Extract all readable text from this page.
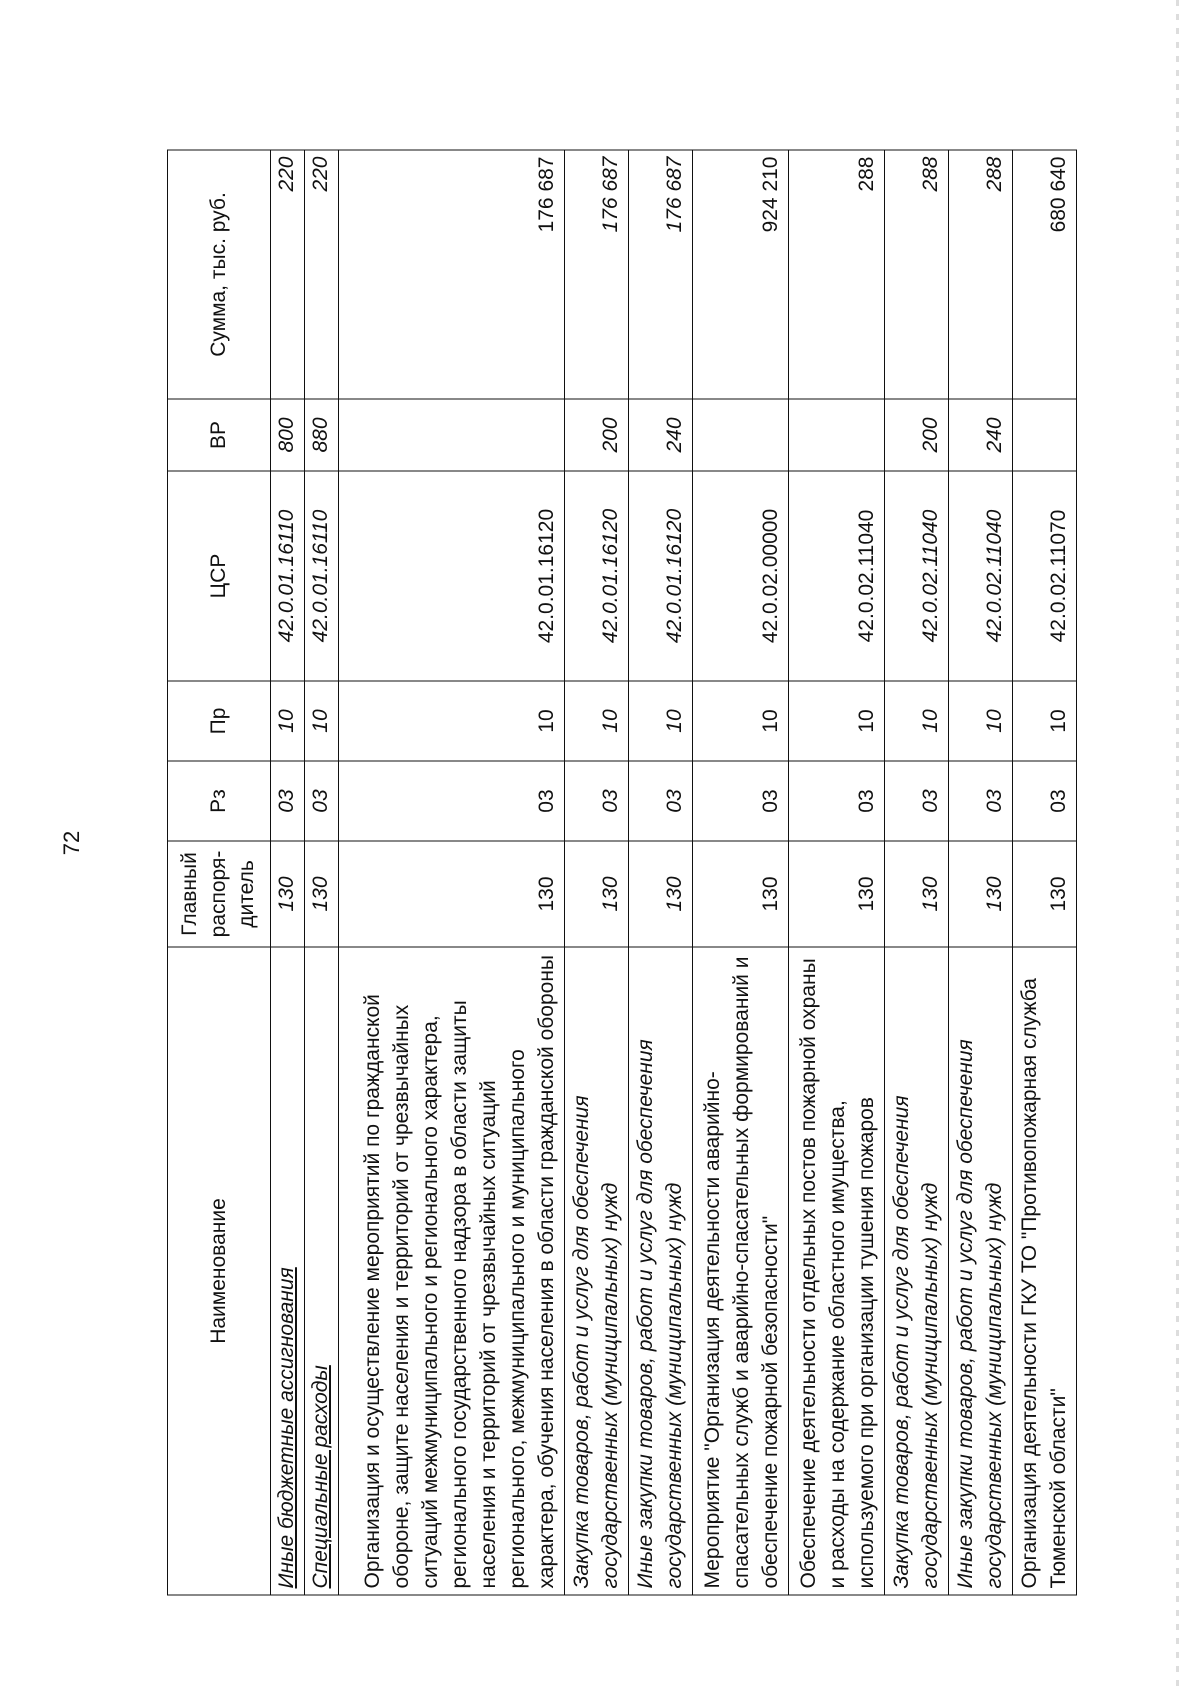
72
Наименование	Главный распоря-дитель	Рз	Пр	ЦСР	ВР	Сумма, тыс. руб.
Иные бюджетные ассигнования	130	03	10	42.0.01.16110	800	220
Специальные расходы	130	03	10	42.0.01.16110	880	220
Организация и осуществление мероприятий по гражданской обороне, защите населения и территорий от чрезвычайных ситуаций межмуниципального и регионального характера, регионального государственного надзора в области защиты населения и территорий от чрезвычайных ситуаций регионального, межмуниципального и муниципального характера, обучения населения в области гражданской обороны	130	03	10	42.0.01.16120		176 687
Закупка товаров, работ и услуг для обеспечения государственных (муниципальных) нужд	130	03	10	42.0.01.16120	200	176 687
Иные закупки товаров, работ и услуг для обеспечения государственных (муниципальных) нужд	130	03	10	42.0.01.16120	240	176 687
Мероприятие "Организация деятельности аварийно-спасательных служб и аварийно-спасательных формирований и обеспечение пожарной безопасности"	130	03	10	42.0.02.00000		924 210
Обеспечение деятельности отдельных постов пожарной охраны и расходы на содержание областного имущества, используемого при организации тушения пожаров	130	03	10	42.0.02.11040		288
Закупка товаров, работ и услуг для обеспечения государственных (муниципальных) нужд	130	03	10	42.0.02.11040	200	288
Иные закупки товаров, работ и услуг для обеспечения государственных (муниципальных) нужд	130	03	10	42.0.02.11040	240	288
Организация деятельности ГКУ ТО "Противопожарная служба Тюменской области"	130	03	10	42.0.02.11070		680 640
